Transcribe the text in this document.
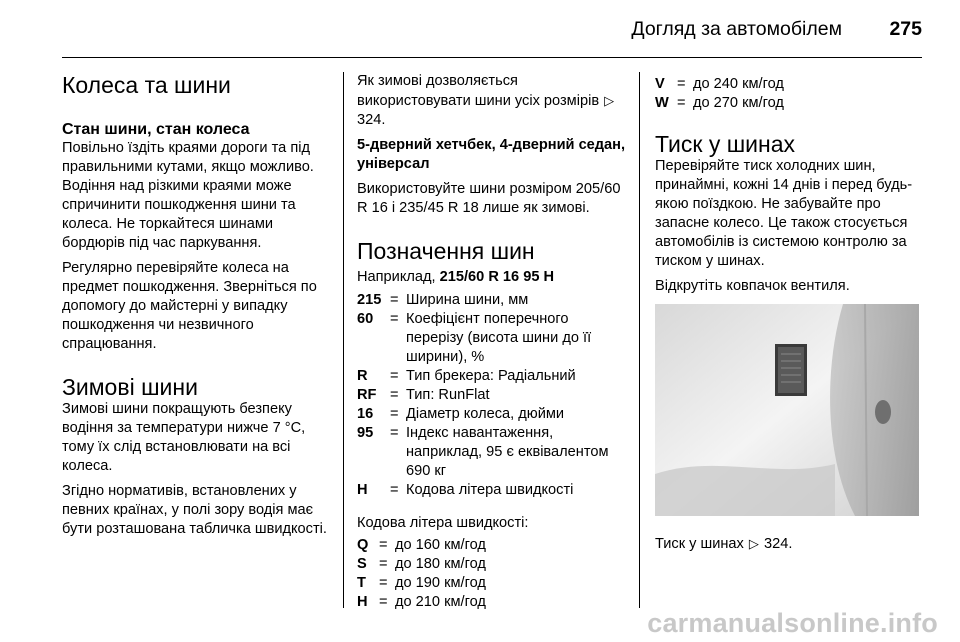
Догляд за автомобілем 275
Колеса та шини
Стан шини, стан колеса

Повільно їздіть краями дороги та під правильними кутами, якщо можливо. Водіння над різкими краями може спричинити пошкодження шини та колеса. Не торкайтеся шинами бордюрів під час паркування.

Регулярно перевіряйте колеса на предмет пошкодження. Зверніться по допомогу до майстерні у випадку пошкодження чи незвичного спрацювання.

Зимові шини

Зимові шини покращують безпеку водіння за температури нижче 7 °C, тому їх слід встановлювати на всі колеса.

Згідно нормативів, встановлених у певних країнах, у полі зору водія має бути розташована табличка швидкості.

Як зимові дозволяється використовувати шини усіх розмірів ▷ 324.

5-дверний хетчбек, 4-дверний седан, універсал

Використовуйте шини розміром 205/60 R 16 і 235/45 R 18 лише як зимові.

Позначення шин

Наприклад, 215/60 R 16 95 H

215	=	Ширина шини, мм
60	=	Коефіцієнт поперечного перерізу (висота шини до її ширини), %
R	=	Тип брекера: Радіальний
RF	=	Тип: RunFlat
16	=	Діаметр колеса, дюйми
95	=	Індекс навантаження, наприклад, 95 є еквівалентом 690 кг
H	=	Кодова літера швидкості

Кодова літера швидкості:

Q	=	до 160 км/год
S	=	до 180 км/год
T	=	до 190 км/год
H	=	до 210 км/год
V	=	до 240 км/год
W	=	до 270 км/год
Тиск у шинах

Перевіряйте тиск холодних шин, принаймні, кожні 14 днів і перед будь-якою поїздкою. Не забувайте про запасне колесо. Це також стосується автомобілів із системою контролю за тиском у шинах.

Відкрутіть ковпачок вентиля.

Тиск у шинах ▷ 324.

carmanualsonline.info
